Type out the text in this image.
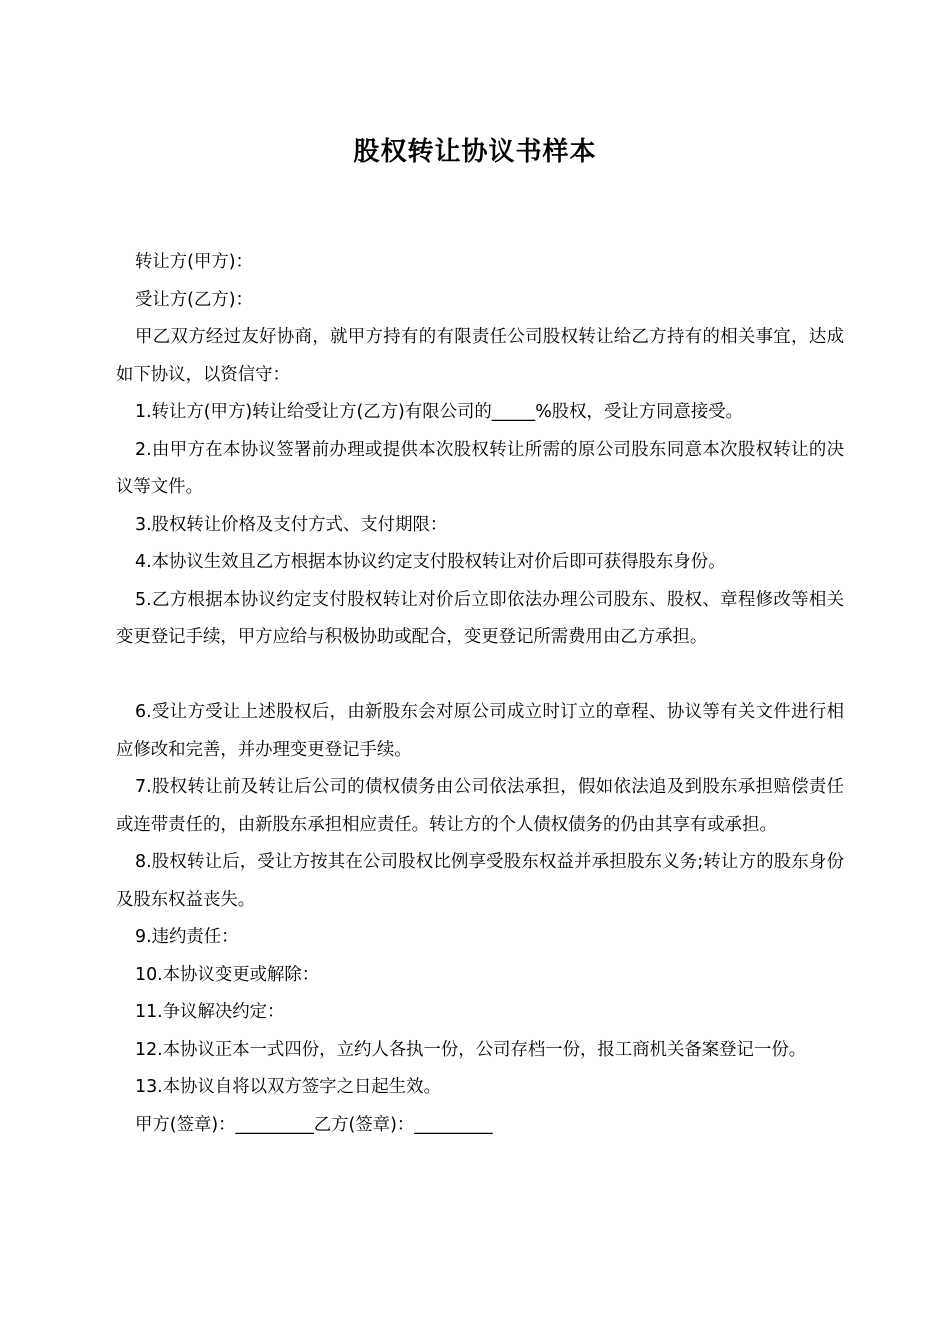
股权转让协议书样本

转让方(甲方)：

受让方(乙方)：

甲乙双方经过友好协商，就甲方持有的有限责任公司股权转让给乙方持有的相关事宜，达成如下协议，以资信守：

1.转让方(甲方)转让给受让方(乙方)有限公司的_____%股权，受让方同意接受。

2.由甲方在本协议签署前办理或提供本次股权转让所需的原公司股东同意本次股权转让的决议等文件。

3.股权转让价格及支付方式、支付期限：

4.本协议生效且乙方根据本协议约定支付股权转让对价后即可获得股东身份。

5.乙方根据本协议约定支付股权转让对价后立即依法办理公司股东、股权、章程修改等相关变更登记手续，甲方应给与积极协助或配合，变更登记所需费用由乙方承担。

6.受让方受让上述股权后，由新股东会对原公司成立时订立的章程、协议等有关文件进行相应修改和完善，并办理变更登记手续。

7.股权转让前及转让后公司的债权债务由公司依法承担，假如依法追及到股东承担赔偿责任或连带责任的，由新股东承担相应责任。转让方的个人债权债务的仍由其享有或承担。

8.股权转让后，受让方按其在公司股权比例享受股东权益并承担股东义务;转让方的股东身份及股东权益丧失。

9.违约责任：

10.本协议变更或解除：

11.争议解决约定：

12.本协议正本一式四份，立约人各执一份，公司存档一份，报工商机关备案登记一份。

13.本协议自将以双方签字之日起生效。

甲方(签章)：_________乙方(签章)：_________
